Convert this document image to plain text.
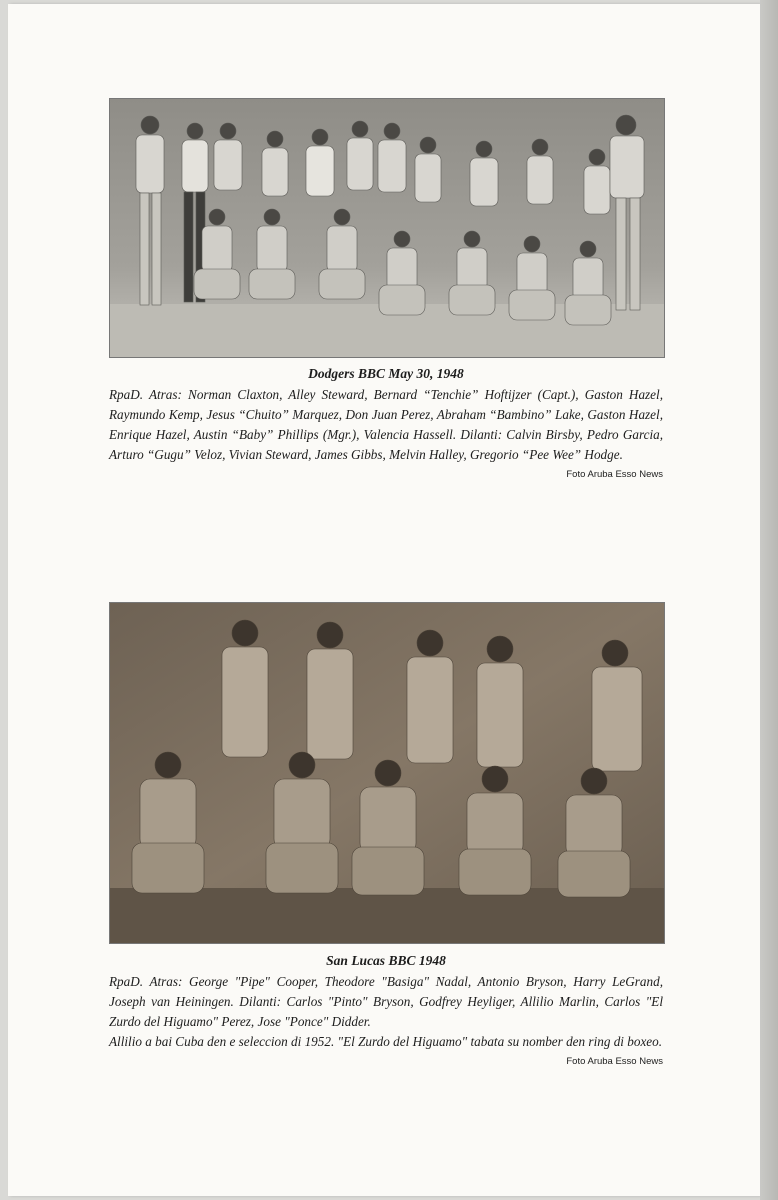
Dodgers BBC May 30, 1948

RpaD. Atras: Norman Claxton, Alley Steward, Bernard “Tenchie” Hoftijzer (Capt.), Gaston Hazel, Raymundo Kemp, Jesus “Chuito” Marquez, Don Juan Perez, Abraham “Bambino” Lake, Gaston Hazel, Enrique Hazel, Austin “Baby” Phillips (Mgr.), Valencia Hassell. Dilanti: Calvin Birsby, Pedro Garcia, Arturo “Gugu” Veloz, Vivian Steward, James Gibbs, Melvin Halley, Gregorio “Pee Wee” Hodge.

Foto Aruba Esso News

San Lucas BBC 1948

RpaD. Atras: George "Pipe" Cooper, Theodore "Basiga" Nadal, Antonio Bryson, Harry LeGrand, Joseph van Heiningen. Dilanti: Carlos "Pinto" Bryson, Godfrey Heyliger, Allilio Marlin, Carlos "El Zurdo del Higuamo" Perez, Jose "Ponce" Didder.

Allilio a bai Cuba den e seleccion di 1952. "El Zurdo del Higuamo" tabata su nomber den ring di boxeo.

Foto Aruba Esso News
